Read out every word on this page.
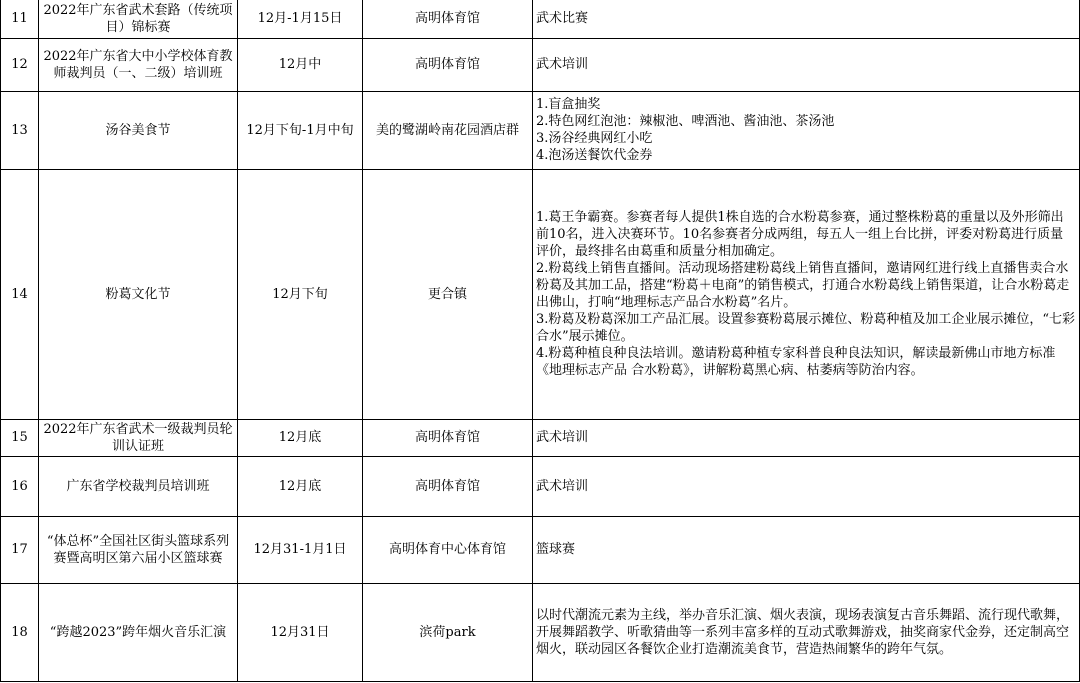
11	2022年广东省武术套路（传统项目）锦标赛	12月-1月15日	高明体育馆	武术比赛

12	2022年广东省大中小学校体育教师裁判员（一、二级）培训班	12月中	高明体育馆	武术培训

13	汤谷美食节	12月下旬-1月中旬	美的鹭湖岭南花园酒店群	1.盲盒抽奖
2.特色网红泡池：辣椒池、啤酒池、酱油池、茶汤池
3.汤谷经典网红小吃
4.泡汤送餐饮代金券

14	粉葛文化节	12月下旬	更合镇	1.葛王争霸赛。参赛者每人提供1株自选的合水粉葛参赛，通过整株粉葛的重量以及外形筛出前10名，进入决赛环节。10名参赛者分成两组，每五人一组上台比拼，评委对粉葛进行质量评价，最终排名由葛重和质量分相加确定。
2.粉葛线上销售直播间。活动现场搭建粉葛线上销售直播间，邀请网红进行线上直播售卖合水粉葛及其加工品，搭建“粉葛＋电商”的销售模式，打通合水粉葛线上销售渠道，让合水粉葛走出佛山，打响“地理标志产品合水粉葛”名片。
3.粉葛及粉葛深加工产品汇展。设置参赛粉葛展示摊位、粉葛种植及加工企业展示摊位，“七彩合水”展示摊位。
4.粉葛种植良种良法培训。邀请粉葛种植专家科普良种良法知识，解读最新佛山市地方标准《地理标志产品 合水粉葛》，讲解粉葛黑心病、枯萎病等防治内容。

15	2022年广东省武术一级裁判员轮训认证班	12月底	高明体育馆	武术培训

16	广东省学校裁判员培训班	12月底	高明体育馆	武术培训

17	“体总杯”全国社区街头篮球系列赛暨高明区第六届小区篮球赛	12月31-1月1日	高明体育中心体育馆	篮球赛

18	“跨越2023”跨年烟火音乐汇演	12月31日	滨荷park	以时代潮流元素为主线，举办音乐汇演、烟火表演，现场表演复古音乐舞蹈、流行现代歌舞，开展舞蹈教学、听歌猜曲等一系列丰富多样的互动式歌舞游戏，抽奖商家代金券，还定制高空烟火，联动园区各餐饮企业打造潮流美食节，营造热闹繁华的跨年气氛。
